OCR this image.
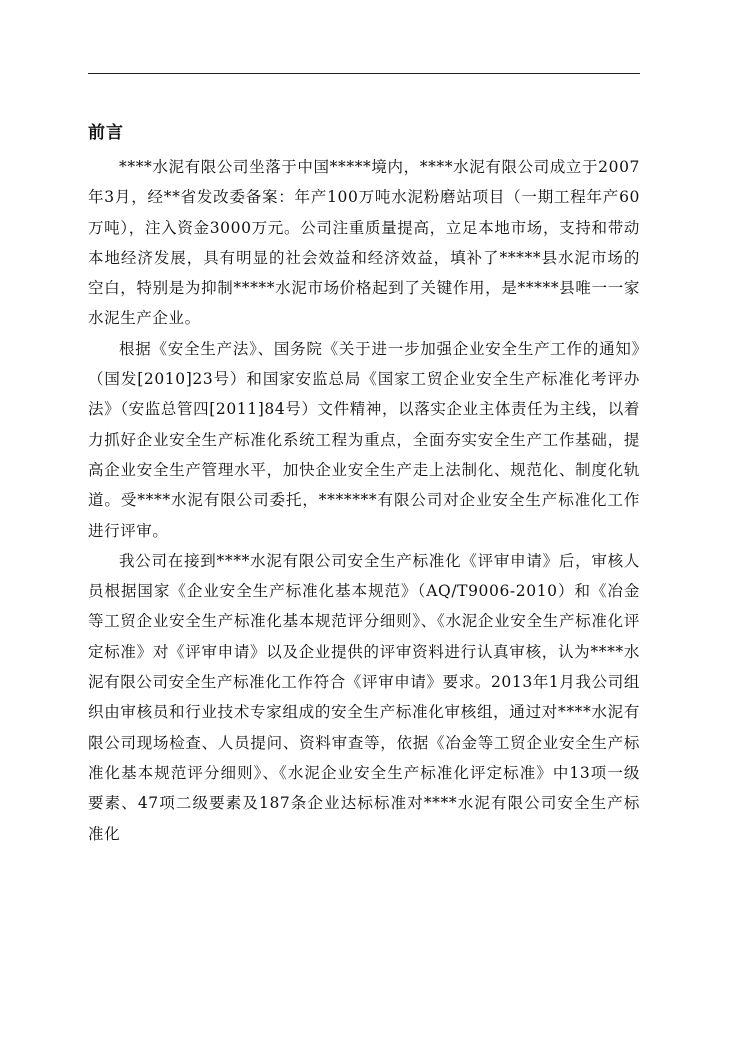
前言

****水泥有限公司坐落于中国*****境内，****水泥有限公司成立于2007年3月，经**省发改委备案：年产100万吨水泥粉磨站项目（一期工程年产60万吨），注入资金3000万元。公司注重质量提高，立足本地市场，支持和带动本地经济发展，具有明显的社会效益和经济效益，填补了*****县水泥市场的空白，特别是为抑制*****水泥市场价格起到了关键作用，是*****县唯一一家水泥生产企业。

根据《安全生产法》、国务院《关于进一步加强企业安全生产工作的通知》（国发[2010]23号）和国家安监总局《国家工贸企业安全生产标准化考评办法》（安监总管四[2011]84号）文件精神，以落实企业主体责任为主线，以着力抓好企业安全生产标准化系统工程为重点，全面夯实安全生产工作基础，提高企业安全生产管理水平，加快企业安全生产走上法制化、规范化、制度化轨道。受****水泥有限公司委托，*******有限公司对企业安全生产标准化工作进行评审。

我公司在接到****水泥有限公司安全生产标准化《评审申请》后，审核人员根据国家《企业安全生产标准化基本规范》（AQ/T9006-2010）和《冶金等工贸企业安全生产标准化基本规范评分细则》、《水泥企业安全生产标准化评定标准》对《评审申请》以及企业提供的评审资料进行认真审核，认为****水泥有限公司安全生产标准化工作符合《评审申请》要求。2013年1月我公司组织由审核员和行业技术专家组成的安全生产标准化审核组，通过对****水泥有限公司现场检查、人员提问、资料审查等，依据《冶金等工贸企业安全生产标准化基本规范评分细则》、《水泥企业安全生产标准化评定标准》中13项一级要素、47项二级要素及187条企业达标标准对****水泥有限公司安全生产标准化
